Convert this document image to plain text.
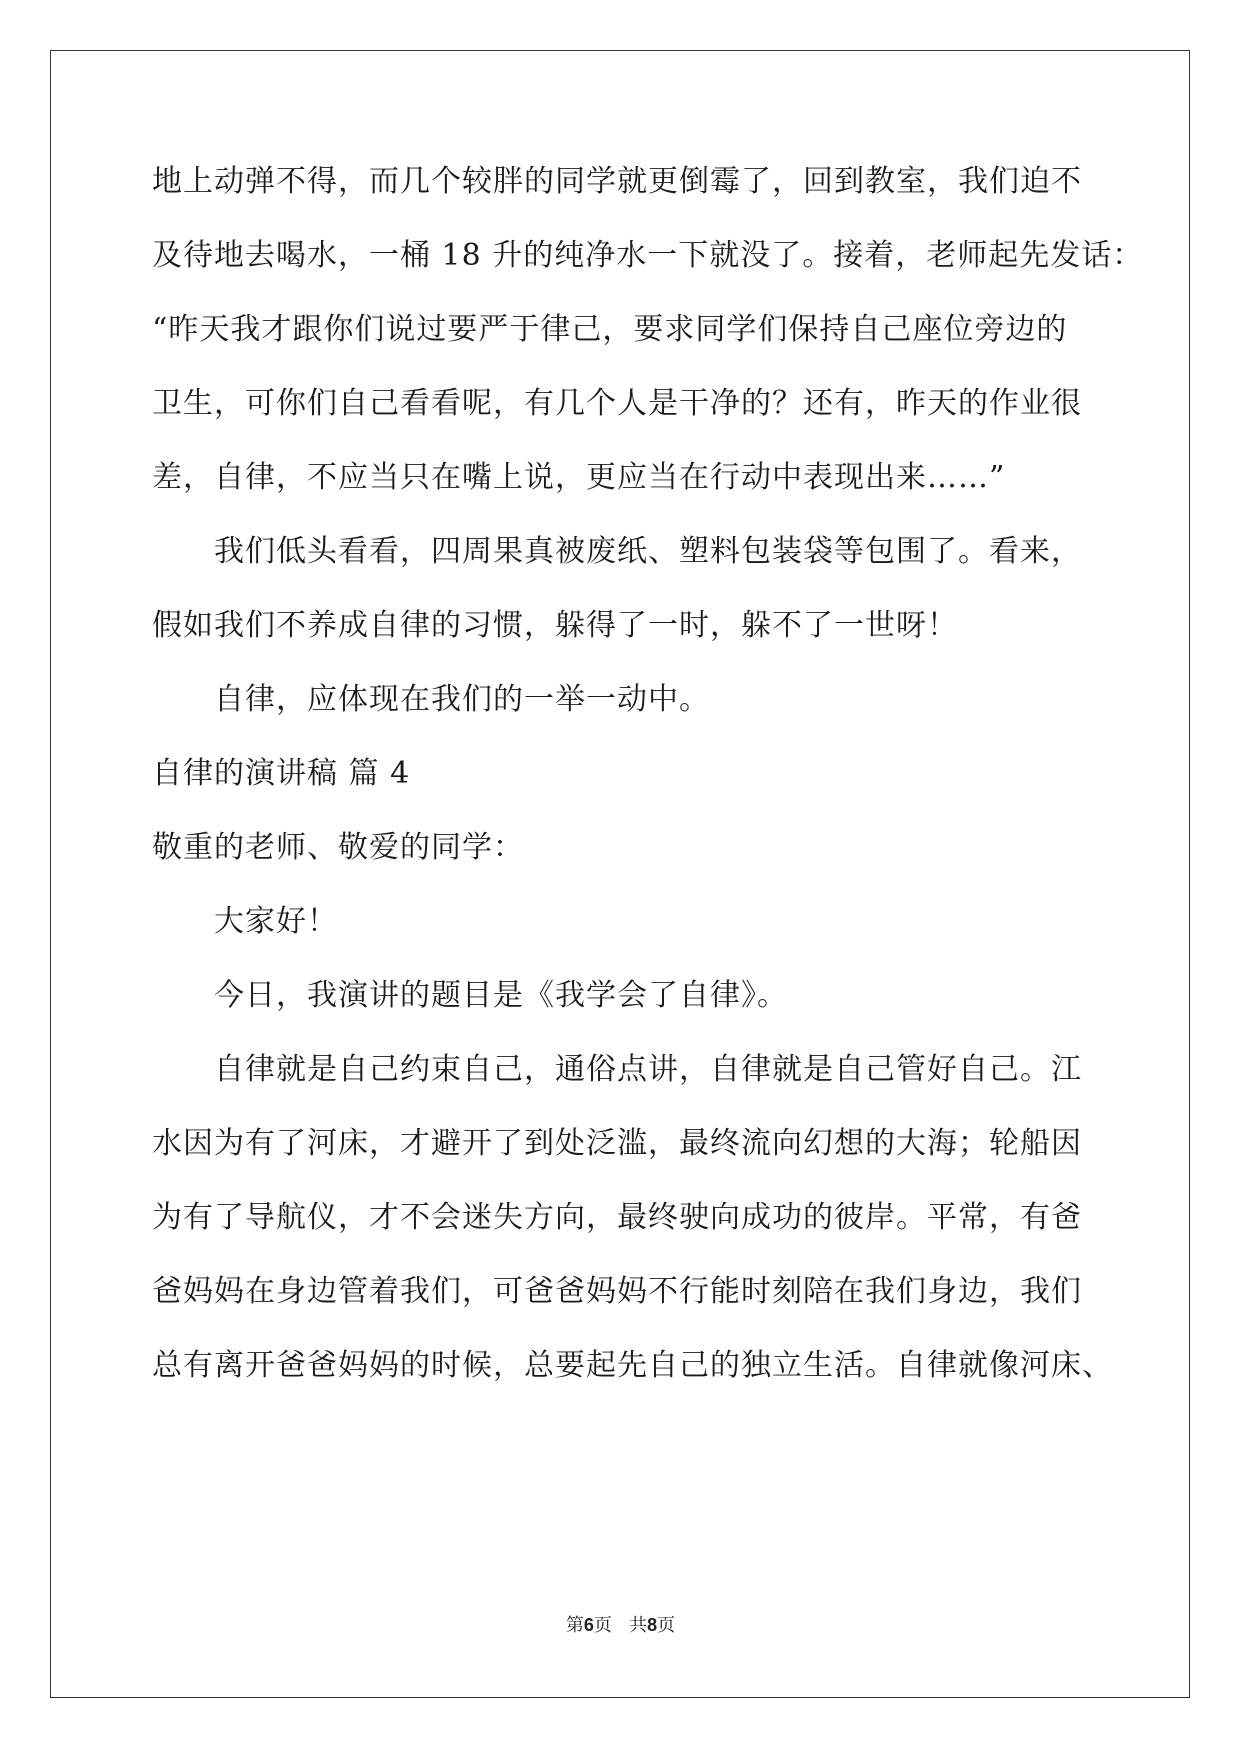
地上动弹不得，而几个较胖的同学就更倒霉了，回到教室，我们迫不
及待地去喝水，一桶 18 升的纯净水一下就没了。接着，老师起先发话：
“昨天我才跟你们说过要严于律己，要求同学们保持自己座位旁边的
卫生，可你们自己看看呢，有几个人是干净的？还有，昨天的作业很
差，自律，不应当只在嘴上说，更应当在行动中表现出来……”
我们低头看看，四周果真被废纸、塑料包装袋等包围了。看来，
假如我们不养成自律的习惯，躲得了一时，躲不了一世呀！
自律，应体现在我们的一举一动中。
自律的演讲稿 篇 4
敬重的老师、敬爱的同学：
大家好！
今日，我演讲的题目是《我学会了自律》。
自律就是自己约束自己，通俗点讲，自律就是自己管好自己。江
水因为有了河床，才避开了到处泛滥，最终流向幻想的大海；轮船因
为有了导航仪，才不会迷失方向，最终驶向成功的彼岸。平常，有爸
爸妈妈在身边管着我们，可爸爸妈妈不行能时刻陪在我们身边，我们
总有离开爸爸妈妈的时候，总要起先自己的独立生活。自律就像河床、
第6页   共8页
